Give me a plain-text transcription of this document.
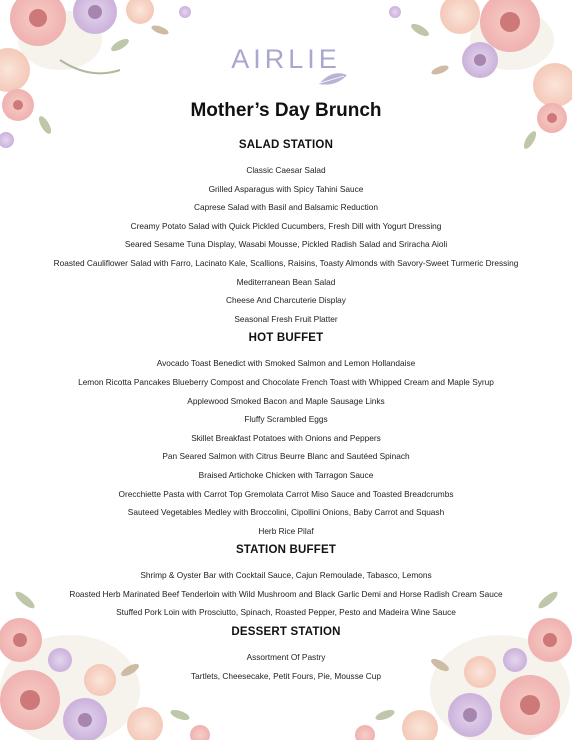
AIRLIE
Mother’s Day Brunch
SALAD STATION
Classic Caesar Salad
Grilled Asparagus with Spicy Tahini Sauce
Caprese Salad with Basil and Balsamic Reduction
Creamy Potato Salad with Quick Pickled Cucumbers, Fresh Dill with Yogurt Dressing
Seared Sesame Tuna Display, Wasabi Mousse, Pickled Radish Salad and Sriracha Aioli
Roasted Cauliflower Salad with Farro, Lacinato Kale, Scallions, Raisins, Toasty Almonds with Savory-Sweet Turmeric Dressing
Mediterranean Bean Salad
Cheese And Charcuterie Display
Seasonal Fresh Fruit Platter
HOT BUFFET
Avocado Toast Benedict with Smoked Salmon and Lemon Hollandaise
Lemon Ricotta Pancakes Blueberry Compost and Chocolate French Toast with Whipped Cream and Maple Syrup
Applewood Smoked Bacon and Maple Sausage Links
Fluffy Scrambled Eggs
Skillet Breakfast Potatoes with Onions and Peppers
Pan Seared Salmon with Citrus Beurre Blanc and Sautéed Spinach
Braised Artichoke Chicken with Tarragon Sauce
Orecchiette Pasta with Carrot Top Gremolata Carrot Miso Sauce and Toasted Breadcrumbs
Sauteed Vegetables Medley with Broccolini, Cipollini Onions, Baby Carrot and Squash
Herb Rice Pilaf
STATION BUFFET
Shrimp & Oyster Bar with Cocktail Sauce, Cajun Remoulade, Tabasco, Lemons
Roasted Herb Marinated Beef Tenderloin with Wild Mushroom and Black Garlic Demi and Horse Radish Cream Sauce
Stuffed Pork Loin with Prosciutto, Spinach, Roasted Pepper, Pesto and Madeira Wine Sauce
DESSERT STATION
Assortment Of Pastry
Tartlets, Cheesecake, Petit Fours, Pie, Mousse Cup
